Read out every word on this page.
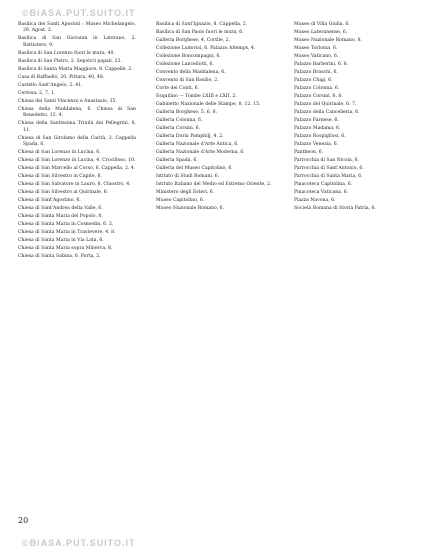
©BiASA.PUT.SUITO.IT

Basilica dei Santi Apostoli : Museo Michelangelo, 29. Agost. 2.

Basilica di San Giovanni in Laterano, 2. Battistero, 9.

Basilica di San Lorenzo fuori le mura, 40.

Basilica di San Pietro, 2. Sepolcri papali, 23.

Basilica di Santa Maria Maggiore, 8. Cappelle, 2.

Casa di Raffaello, 20. Pittura, 40, 48.

Castello Sant'Angelo, 2. 41.

Certosa: 2, 7, 1.

Chiesa dei Santi Vincenzo e Anastasio, 35.

Chiesa della Maddalena, 6. Chiesa di San Benedetto, 12. 4.

Chiesa della Santissima Trinità dei Pellegrini, 8, 11.

Chiesa di San Girolamo della Carità, 2. Cappella Spada, 6.

Chiesa di San Lorenzo in Lucina, 6.

Chiesa di San Lorenzo in Lucina, 4. Crocifisso, 10.

Chiesa di San Marcello al Corso, 6. Cappella, 2. 4.

Chiesa di San Silvestro in Capite, 8.

Chiesa di San Salvatore in Lauro, 8. Chiostro, 4.

Chiesa di San Silvestro al Quirinale, 6.

Chiesa di Sant'Agostino, 6.

Chiesa di Sant'Andrea della Valle, 6.

Chiesa di Santa Maria del Popolo, 8.

Chiesa di Santa Maria in Cosmedin, 6. 2.

Chiesa di Santa Maria in Trastevere, 4. 8.

Chiesa di Santa Maria in Via Lata, 6.

Chiesa di Santa Maria sopra Minerva, 8.

Chiesa di Santa Sabina, 6. Porta, 2.

Basilica di Sant'Ignazio, 8. Cappella, 2.

Basilica di San Paolo fuori le mura, 6.

Galleria Borghese, 4. Cortile, 2.

Collezione Ludovisi, 6. Palazzo Altemps, 4.

Collezione Boncompagni, 6.

Collezione Lancellotti, 6.

Convento della Maddalena, 6.

Convento di San Basilio, 2.

Corte dei Conti, 6.

Esquilino — Tombe LXIII e LXII, 2.

Gabinetto Nazionale delle Stampe, 8. 12. 15.

Galleria Borghese, 5. 6. 8.

Galleria Colonna, 6.

Galleria Corsini, 6.

Galleria Doria Pamphilj, 4. 2.

Galleria Nazionale d'Arte Antica, 6.

Galleria Nazionale d'Arte Moderna, 6.

Galleria Spada, 6.

Galleria del Museo Capitolino, 6.

Istituto di Studi Romani, 6.

Istituto Italiano del Medio ed Estremo Oriente, 2.

Ministero degli Esteri, 6.

Museo Capitolino, 6.

Museo Nazionale Romano, 6.

Museo di Villa Giulia, 6.

Museo Lateranense, 6.

Museo Nazionale Romano, 8.

Museo Torlonia, 6.

Museo Vaticano, 6.

Palazzo Barberini, 6. 8.

Palazzo Braschi, 6.

Palazzo Chigi, 6.

Palazzo Colonna, 6.

Palazzo Corsini, 6. 8.

Palazzo del Quirinale, 6. 7.

Palazzo della Cancelleria, 6.

Palazzo Farnese, 6.

Palazzo Madama, 6.

Palazzo Rospigliosi, 6.

Palazzo Venezia, 6.

Pantheon, 6.

Parrocchia di San Nicola, 6.

Parrocchia di Sant'Antonio, 6.

Parrocchia di Santa Maria, 6.

Pinacoteca Capitolina, 6.

Pinacoteca Vaticana, 6.

Piazza Navona, 6.

Società Romana di Storia Patria, 6.

20
©BiASA.PUT.SUITO.IT
